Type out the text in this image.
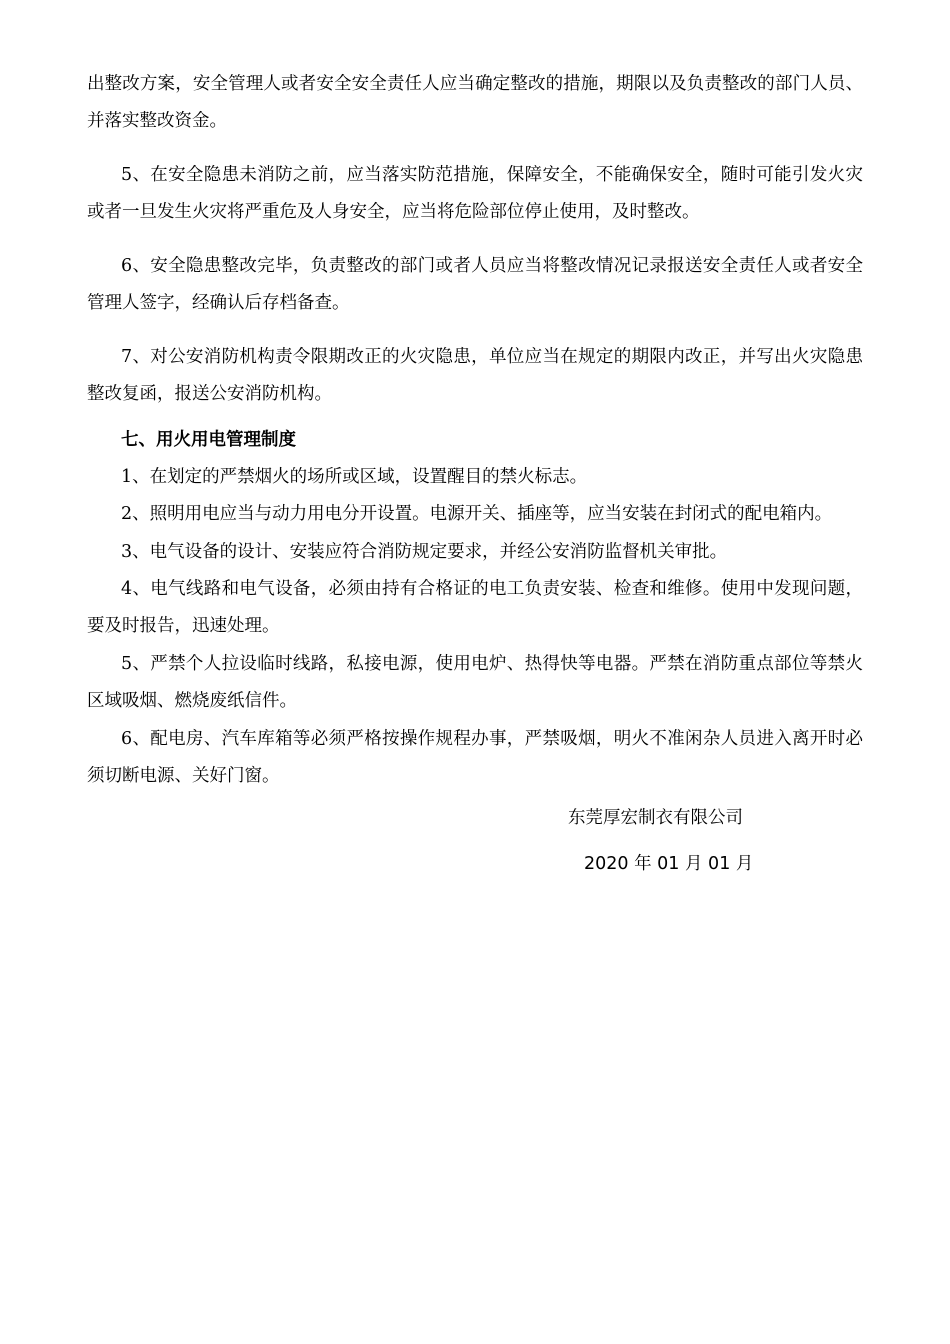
出整改方案，安全管理人或者安全安全责任人应当确定整改的措施，期限以及负责整改的部门人员、并落实整改资金。

5、在安全隐患未消防之前，应当落实防范措施，保障安全，不能确保安全，随时可能引发火灾或者一旦发生火灾将严重危及人身安全，应当将危险部位停止使用，及时整改。

6、安全隐患整改完毕，负责整改的部门或者人员应当将整改情况记录报送安全责任人或者安全管理人签字，经确认后存档备查。

7、对公安消防机构责令限期改正的火灾隐患，单位应当在规定的期限内改正，并写出火灾隐患整改复函，报送公安消防机构。

七、用火用电管理制度

1、在划定的严禁烟火的场所或区域，设置醒目的禁火标志。

2、照明用电应当与动力用电分开设置。电源开关、插座等，应当安装在封闭式的配电箱内。

3、电气设备的设计、安装应符合消防规定要求，并经公安消防监督机关审批。

4、电气线路和电气设备，必须由持有合格证的电工负责安装、检查和维修。使用中发现问题，要及时报告，迅速处理。

5、严禁个人拉设临时线路，私接电源，使用电炉、热得快等电器。严禁在消防重点部位等禁火区域吸烟、燃烧废纸信件。

6、配电房、汽车库箱等必须严格按操作规程办事，严禁吸烟，明火不准闲杂人员进入离开时必须切断电源、关好门窗。

东莞厚宏制衣有限公司
2020 年 01 月 01 月
